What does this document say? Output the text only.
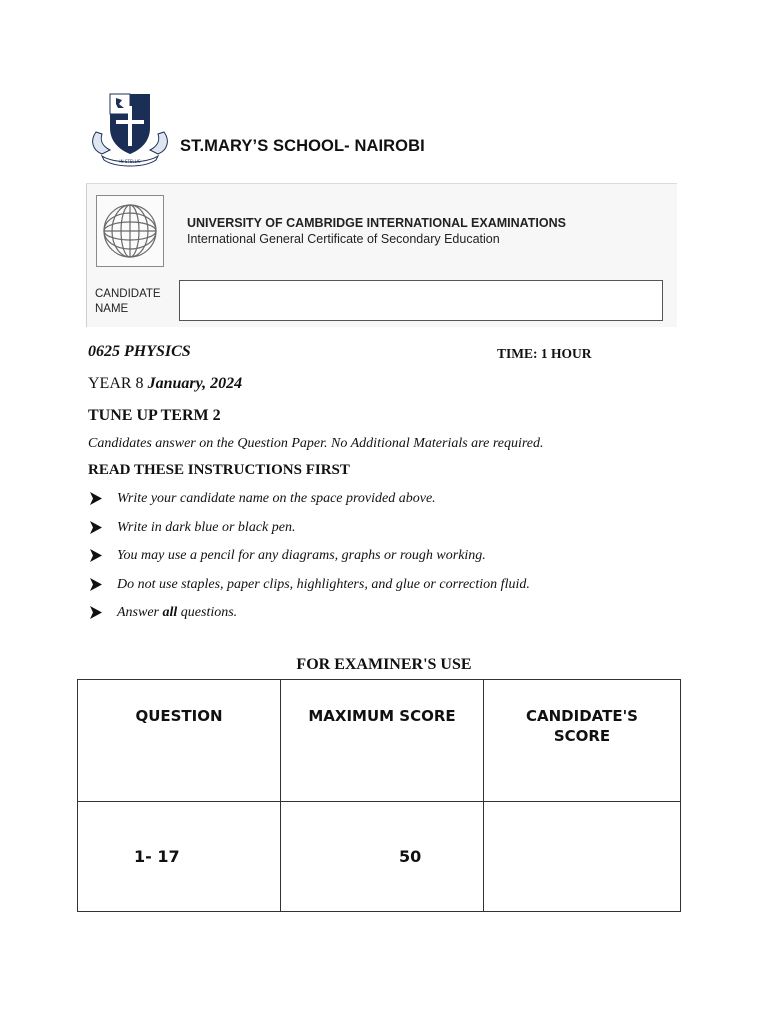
IN STELLIS
ST.MARY’S SCHOOL- NAIROBI
UNIVERSITY OF CAMBRIDGE INTERNATIONAL EXAMINATIONS
International General Certificate of Secondary Education
CANDIDATE
NAME
0625 PHYSICS	TIME: 1 HOUR
YEAR 8 January, 2024
TUNE UP TERM 2
Candidates answer on the Question Paper. No Additional Materials are required.
READ THESE INSTRUCTIONS FIRST
Write your candidate name on the space provided above.
Write in dark blue or black pen.
You may use a pencil for any diagrams, graphs or rough working.
Do not use staples, paper clips, highlighters, and glue or correction fluid.
Answer all questions.
FOR EXAMINER'S USE
QUESTION	MAXIMUM SCORE	CANDIDATE'S SCORE

1- 17	50	
